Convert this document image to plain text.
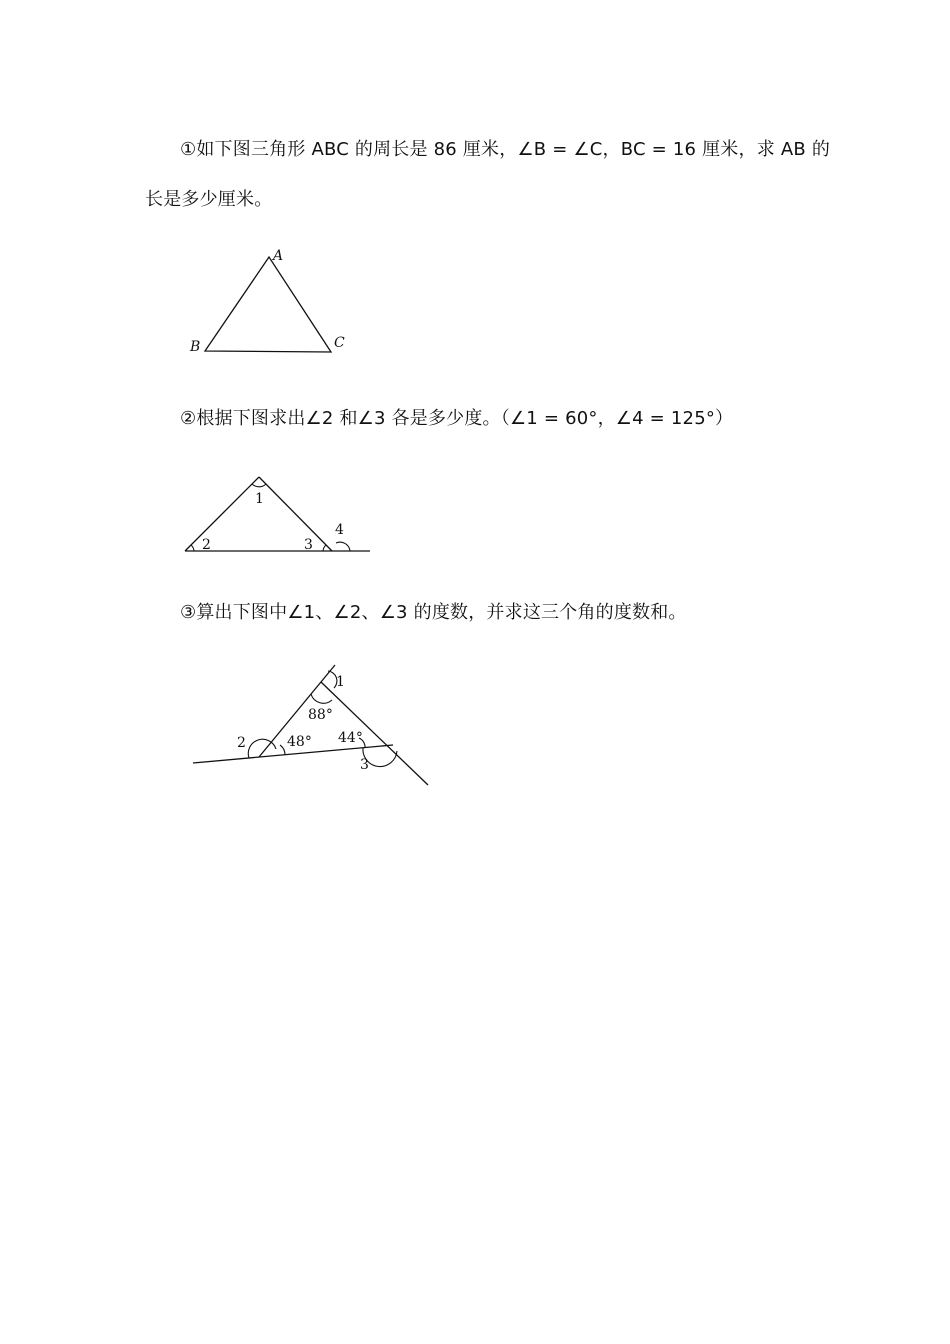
①如下图三角形 ABC 的周长是 86 厘米，∠B = ∠C，BC = 16 厘米，求 AB 的
长是多少厘米。
A
B	C
②根据下图求出∠2 和∠3 各是多少度。（∠1 = 60°，∠4 = 125°）
1
2	3
4
③算出下图中∠1、∠2、∠3 的度数，并求这三个角的度数和。
1
88°
2	48° 44°
3
